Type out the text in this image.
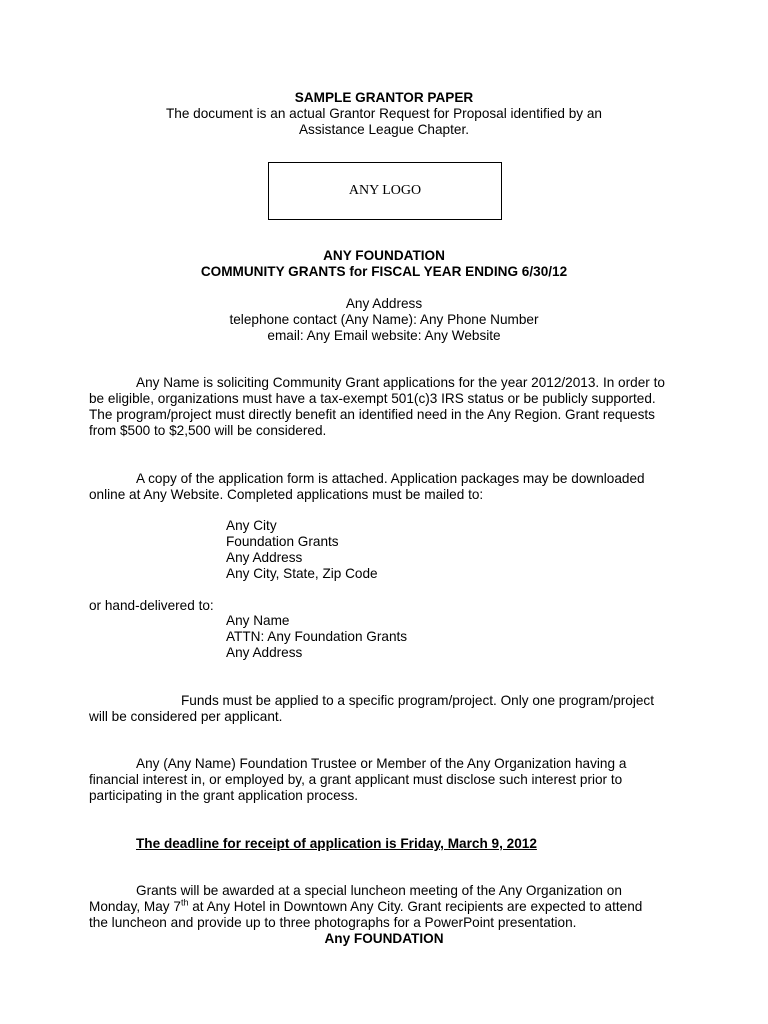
SAMPLE GRANTOR PAPER
The document is an actual Grantor Request for Proposal identified by an
Assistance League Chapter.
ANY LOGO
ANY FOUNDATION
COMMUNITY GRANTS for FISCAL YEAR ENDING 6/30/12
Any Address
telephone contact (Any Name): Any Phone Number
email: Any Email website: Any Website
Any Name is soliciting Community Grant applications for the year 2012/2013. In order to
be eligible, organizations must have a tax-exempt 501(c)3 IRS status or be publicly supported.
The program/project must directly benefit an identified need in the Any Region. Grant requests
from $500 to $2,500 will be considered.
A copy of the application form is attached. Application packages may be downloaded
online at Any Website. Completed applications must be mailed to:
Any City
Foundation Grants
Any Address
Any City, State, Zip Code
or hand-delivered to:
Any Name
ATTN: Any Foundation Grants
Any Address
Funds must be applied to a specific program/project. Only one program/project
will be considered per applicant.
Any (Any Name) Foundation Trustee or Member of the Any Organization having a
financial interest in, or employed by, a grant applicant must disclose such interest prior to
participating in the grant application process.
The deadline for receipt of application is Friday, March 9, 2012
Grants will be awarded at a special luncheon meeting of the Any Organization on
Monday, May 7th at Any Hotel in Downtown Any City. Grant recipients are expected to attend
the luncheon and provide up to three photographs for a PowerPoint presentation.
Any FOUNDATION
